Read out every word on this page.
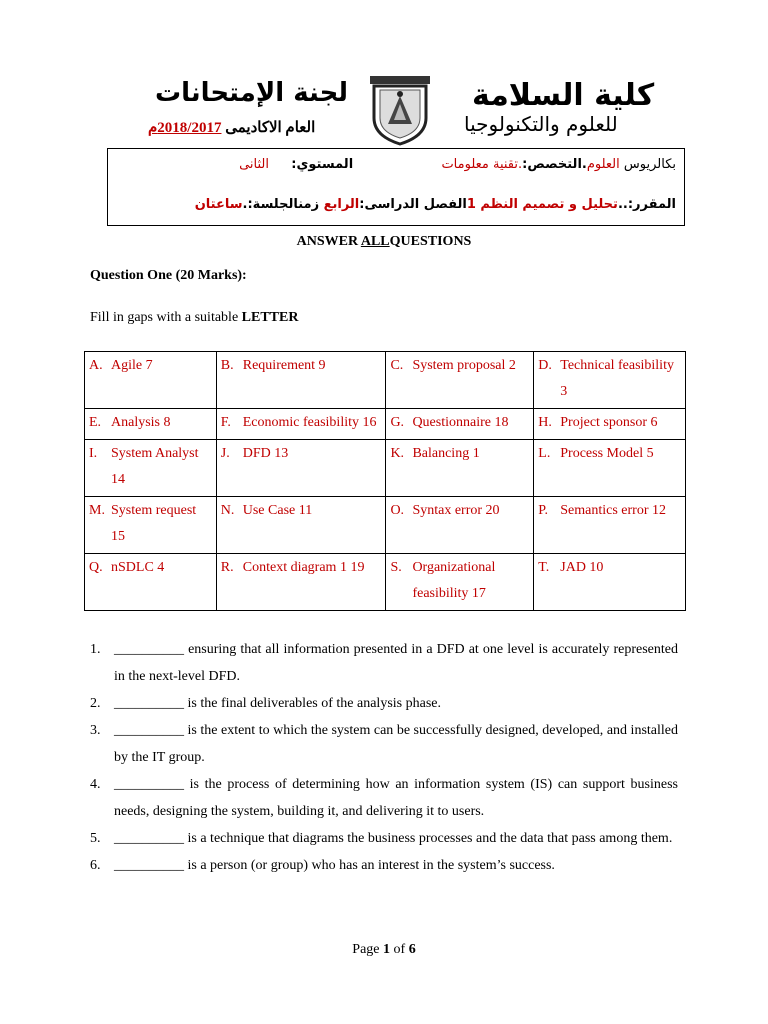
لجنة الإمتحانات
العام الاكاديمى 2018/2017م
كلية السلامة
للعلوم والتكنولوجيا
بكالريوس العلوم.التخصص:.تقنية معلومات  المستوي:  الثانى
المقرر:..تحليل و تصميم النظم 1الفصل الدراسى:الرابع زمنالجلسة:.ساعتان
ANSWER ALLQUESTIONS
Question One (20 Marks):
Fill in gaps with a suitable LETTER
A. Agile 7	B. Requirement 9	C. System proposal 2	D. Technical feasibility 3

E. Analysis 8	F. Economic feasibility 16	G. Questionnaire 18	H. Project sponsor 6

I. System Analyst 14	J. DFD 13	K. Balancing 1	L. Process Model 5

M. System request 15	N. Use Case 11	O. Syntax error 20	P. Semantics error 12

Q. nSDLC 4	R. Context diagram 1 19	S. Organizational feasibility 17	T. JAD 10
1. __________ ensuring that all information presented in a DFD at one level is accurately represented in the next-level DFD.
2. __________ is the final deliverables of the analysis phase.
3. __________ is the extent to which the system can be successfully designed, developed, and installed by the IT group.
4. __________ is the process of determining how an information system (IS) can support business needs, designing the system, building it, and delivering it to users.
5. __________ is a technique that diagrams the business processes and the data that pass among them.
6. __________ is a person (or group) who has an interest in the system’s success.
Page 1 of 6
